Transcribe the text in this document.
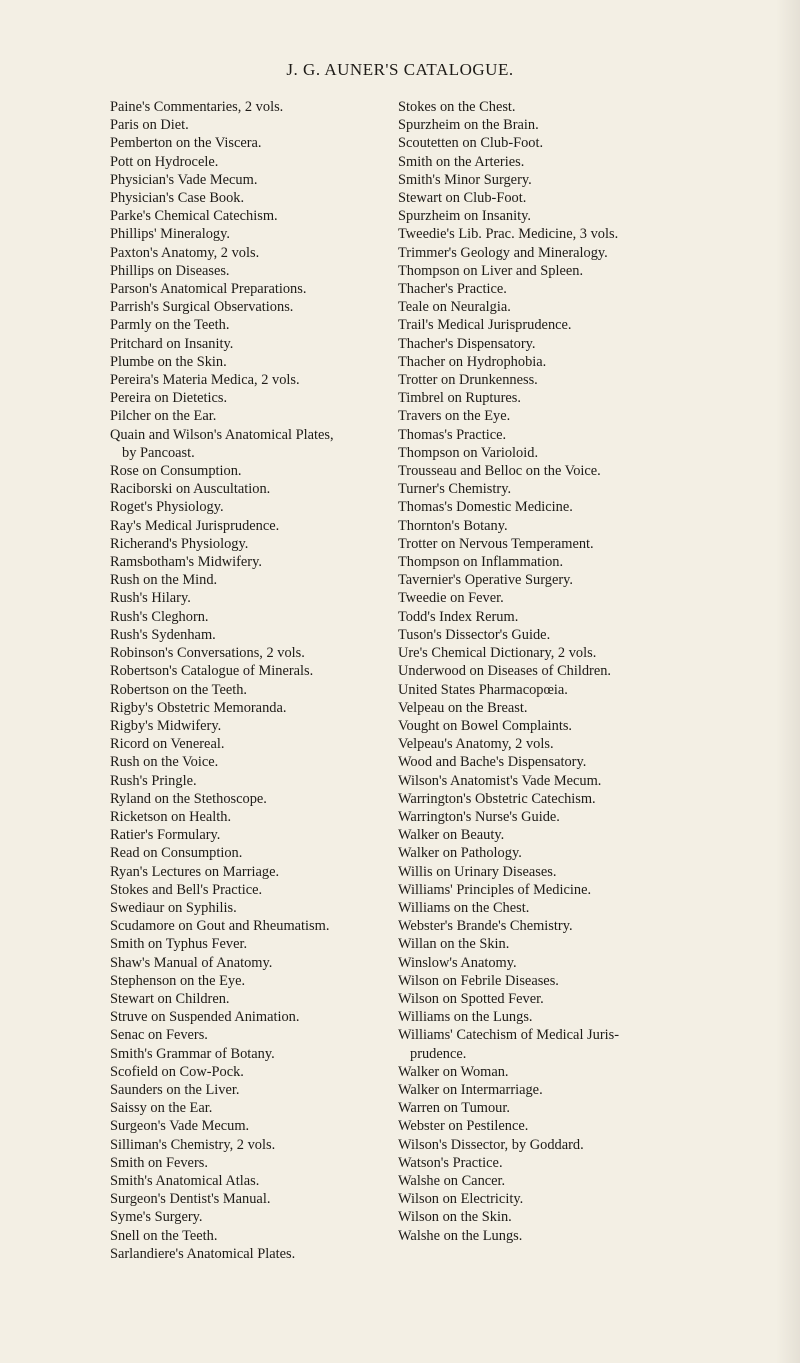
J. G. AUNER'S CATALOGUE.
Paine's Commentaries, 2 vols.
Paris on Diet.
Pemberton on the Viscera.
Pott on Hydrocele.
Physician's Vade Mecum.
Physician's Case Book.
Parke's Chemical Catechism.
Phillips' Mineralogy.
Paxton's Anatomy, 2 vols.
Phillips on Diseases.
Parson's Anatomical Preparations.
Parrish's Surgical Observations.
Parmly on the Teeth.
Pritchard on Insanity.
Plumbe on the Skin.
Pereira's Materia Medica, 2 vols.
Pereira on Dietetics.
Pilcher on the Ear.
Quain and Wilson's Anatomical Plates,
by Pancoast.
Rose on Consumption.
Raciborski on Auscultation.
Roget's Physiology.
Ray's Medical Jurisprudence.
Richerand's Physiology.
Ramsbotham's Midwifery.
Rush on the Mind.
Rush's Hilary.
Rush's Cleghorn.
Rush's Sydenham.
Robinson's Conversations, 2 vols.
Robertson's Catalogue of Minerals.
Robertson on the Teeth.
Rigby's Obstetric Memoranda.
Rigby's Midwifery.
Ricord on Venereal.
Rush on the Voice.
Rush's Pringle.
Ryland on the Stethoscope.
Ricketson on Health.
Ratier's Formulary.
Read on Consumption.
Ryan's Lectures on Marriage.
Stokes and Bell's Practice.
Swediaur on Syphilis.
Scudamore on Gout and Rheumatism.
Smith on Typhus Fever.
Shaw's Manual of Anatomy.
Stephenson on the Eye.
Stewart on Children.
Struve on Suspended Animation.
Senac on Fevers.
Smith's Grammar of Botany.
Scofield on Cow-Pock.
Saunders on the Liver.
Saissy on the Ear.
Surgeon's Vade Mecum.
Silliman's Chemistry, 2 vols.
Smith on Fevers.
Smith's Anatomical Atlas.
Surgeon's Dentist's Manual.
Syme's Surgery.
Snell on the Teeth.
Sarlandiere's Anatomical Plates.
Stokes on the Chest.
Spurzheim on the Brain.
Scoutetten on Club-Foot.
Smith on the Arteries.
Smith's Minor Surgery.
Stewart on Club-Foot.
Spurzheim on Insanity.
Tweedie's Lib. Prac. Medicine, 3 vols.
Trimmer's Geology and Mineralogy.
Thompson on Liver and Spleen.
Thacher's Practice.
Teale on Neuralgia.
Trail's Medical Jurisprudence.
Thacher's Dispensatory.
Thacher on Hydrophobia.
Trotter on Drunkenness.
Timbrel on Ruptures.
Travers on the Eye.
Thomas's Practice.
Thompson on Varioloid.
Trousseau and Belloc on the Voice.
Turner's Chemistry.
Thomas's Domestic Medicine.
Thornton's Botany.
Trotter on Nervous Temperament.
Thompson on Inflammation.
Tavernier's Operative Surgery.
Tweedie on Fever.
Todd's Index Rerum.
Tuson's Dissector's Guide.
Ure's Chemical Dictionary, 2 vols.
Underwood on Diseases of Children.
United States Pharmacopœia.
Velpeau on the Breast.
Vought on Bowel Complaints.
Velpeau's Anatomy, 2 vols.
Wood and Bache's Dispensatory.
Wilson's Anatomist's Vade Mecum.
Warrington's Obstetric Catechism.
Warrington's Nurse's Guide.
Walker on Beauty.
Walker on Pathology.
Willis on Urinary Diseases.
Williams' Principles of Medicine.
Williams on the Chest.
Webster's Brande's Chemistry.
Willan on the Skin.
Winslow's Anatomy.
Wilson on Febrile Diseases.
Wilson on Spotted Fever.
Williams on the Lungs.
Williams' Catechism of Medical Juris-
prudence.
Walker on Woman.
Walker on Intermarriage.
Warren on Tumour.
Webster on Pestilence.
Wilson's Dissector, by Goddard.
Watson's Practice.
Walshe on Cancer.
Wilson on Electricity.
Wilson on the Skin.
Walshe on the Lungs.
